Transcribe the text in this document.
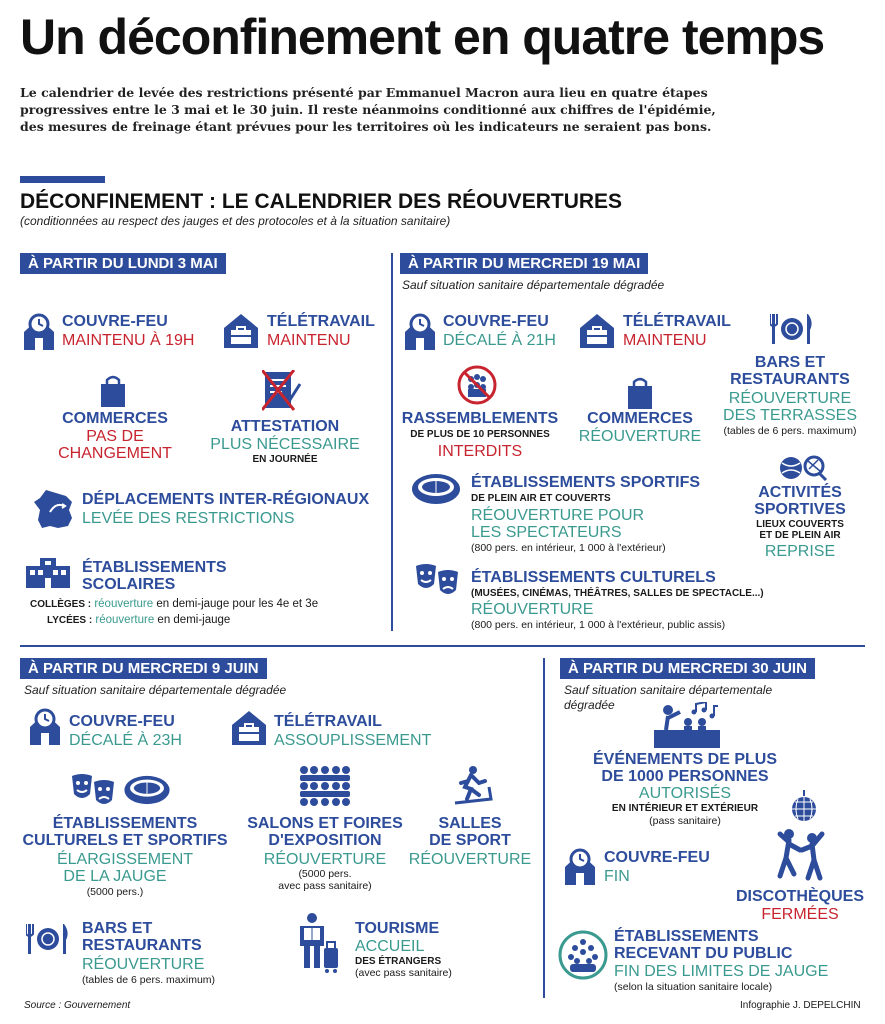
Un déconfinement en quatre temps
Le calendrier de levée des restrictions présenté par Emmanuel Macron aura lieu en quatre étapes
progressives entre le 3 mai et le 30 juin. Il reste néanmoins conditionné aux chiffres de l'épidémie,
des mesures de freinage étant prévues pour les territoires où les indicateurs ne seraient pas bons.
DÉCONFINEMENT : LE CALENDRIER DES RÉOUVERTURES
(conditionnées au respect des jauges et des protocoles et à la situation sanitaire)
À PARTIR DU LUNDI 3 MAI
COUVRE-FEU
MAINTENU À 19H
TÉLÉTRAVAIL
MAINTENU
COMMERCES
PAS DE
CHANGEMENT
ATTESTATION
PLUS NÉCESSAIRE
EN JOURNÉE
DÉPLACEMENTS INTER-RÉGIONAUX
LEVÉE DES RESTRICTIONS
ÉTABLISSEMENTS
SCOLAIRES
COLLÈGES : réouverture en demi-jauge pour les 4e et 3e
LYCÉES : réouverture en demi-jauge
À PARTIR DU MERCREDI 19 MAI
Sauf situation sanitaire départementale dégradée
COUVRE-FEU
DÉCALÉ À 21H
TÉLÉTRAVAIL
MAINTENU
BARS ET
RESTAURANTS
RÉOUVERTURE
DES TERRASSES
(tables de 6 pers. maximum)
RASSEMBLEMENTS
DE PLUS DE 10 PERSONNES
INTERDITS
COMMERCES
RÉOUVERTURE
ÉTABLISSEMENTS SPORTIFS
DE PLEIN AIR ET COUVERTS
RÉOUVERTURE POUR
LES SPECTATEURS
(800 pers. en intérieur, 1 000 à l'extérieur)
ACTIVITÉS
SPORTIVES
LIEUX COUVERTS
ET DE PLEIN AIR
REPRISE
ÉTABLISSEMENTS CULTURELS
(MUSÉES, CINÉMAS, THÉÂTRES, SALLES DE SPECTACLE...)
RÉOUVERTURE
(800 pers. en intérieur, 1 000 à l'extérieur, public assis)
À PARTIR DU MERCREDI 9 JUIN
Sauf situation sanitaire départementale dégradée
COUVRE-FEU
DÉCALÉ À 23H
TÉLÉTRAVAIL
ASSOUPLISSEMENT
ÉTABLISSEMENTS
CULTURELS ET SPORTIFS
ÉLARGISSEMENT
DE LA JAUGE
(5000 pers.)
SALONS ET FOIRES
D'EXPOSITION
RÉOUVERTURE
(5000 pers.
avec pass sanitaire)
SALLES
DE SPORT
RÉOUVERTURE
BARS ET
RESTAURANTS
RÉOUVERTURE
(tables de 6 pers. maximum)
TOURISME
ACCUEIL
DES ÉTRANGERS
(avec pass sanitaire)
À PARTIR DU MERCREDI 30 JUIN
Sauf situation sanitaire départementale
dégradée
ÉVÉNEMENTS DE PLUS
DE 1000 PERSONNES
AUTORISÉS
EN INTÉRIEUR ET EXTÉRIEUR
(pass sanitaire)
COUVRE-FEU
FIN
DISCOTHÈQUES
FERMÉES
ÉTABLISSEMENTS
RECEVANT DU PUBLIC
FIN DES LIMITES DE JAUGE
(selon la situation sanitaire locale)
Source : Gouvernement	Infographie J. DEPELCHIN
